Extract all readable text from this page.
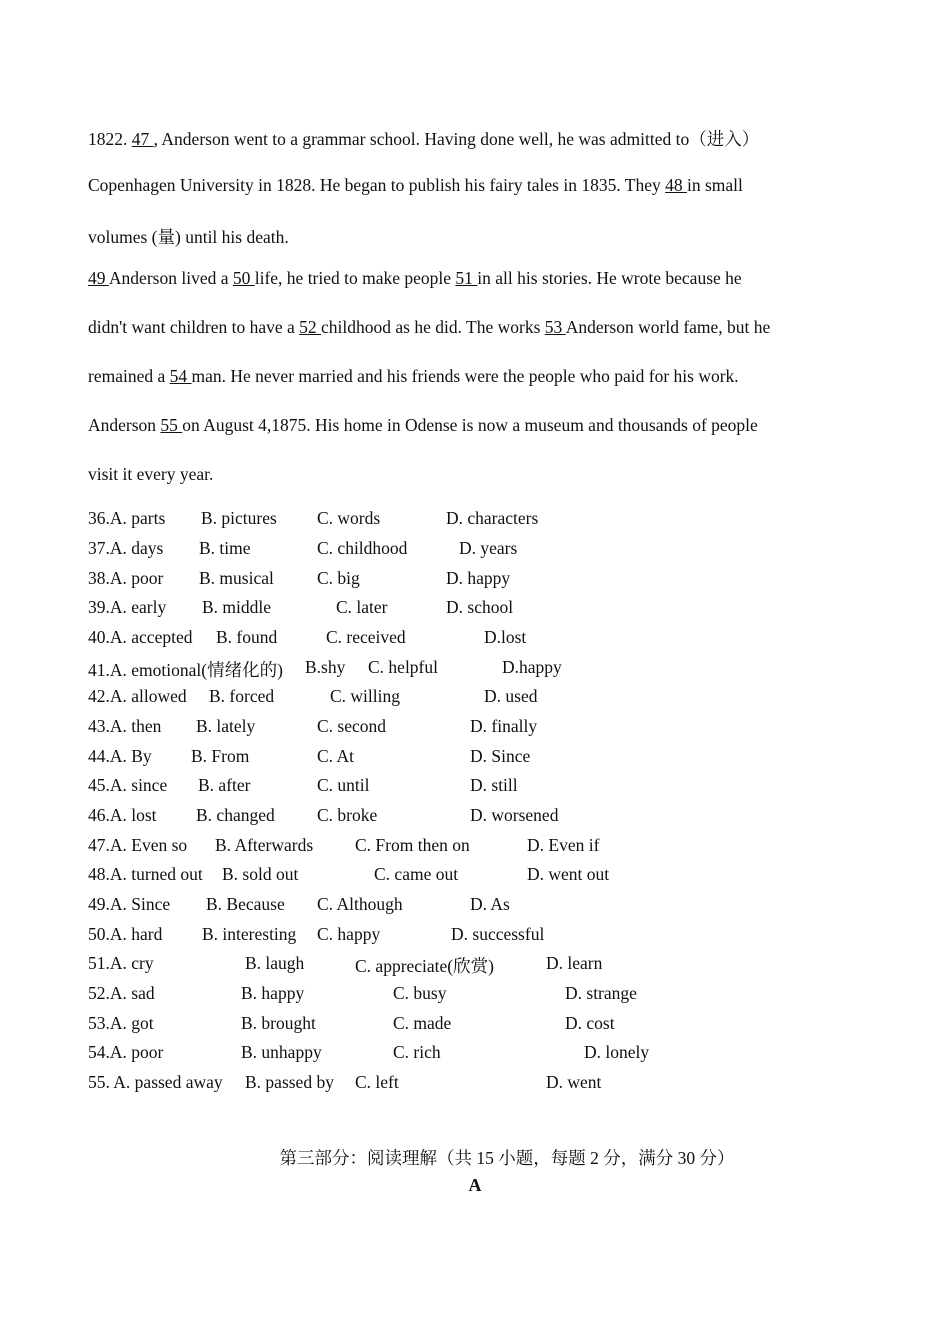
1822. 47 , Anderson went to a grammar school. Having done well, he was admitted to（进入）
Copenhagen University in 1828. He began to publish his fairy tales in 1835. They 48 in small
volumes (量) until his death.
49 Anderson lived a 50 life, he tried to make people 51 in all his stories. He wrote because he
didn't want children to have a 52 childhood as he did. The works 53 Anderson world fame, but he
remained a 54 man. He never married and his friends were the people who paid for his work.
Anderson 55 on August 4,1875. His home in Odense is now a museum and thousands of people
visit it every year.
36.A. parts B. pictures C. words	D. characters
37.A. days B. time	C. childhood	D. years
38.A. poor B. musical C. big	D. happy
39.A. early B. middle	C. later	D. school
40.A. accepted B. found	C. received	D.lost
41.A. emotional(情绪化的) B.shy C. helpful	D.happy
42.A. allowed B. forced	C. willing	D. used
43.A. then B. lately	C. second	D. finally
44.A. By B. From	C. At	D. Since
45.A. since B. after	C. until	D. still
46.A. lost B. changed C. broke	D. worsened
47.A. Even so B. Afterwards C. From then on	D. Even if
48.A. turned out B. sold out	C. came out	D. went out
49.A. Since B. Because C. Although	D. As
50.A. hard B. interesting C. happy	D. successful
51.A. cry	B. laugh	C. appreciate(欣赏)	D. learn
52.A. sad	B. happy	C. busy	D. strange
53.A. got	B. brought	C. made	D. cost
54.A. poor	B. unhappy	C. rich	D. lonely
55. A. passed away B. passed by C. left	D. went
第三部分：阅读理解（共 15 小题，每题 2 分，满分 30 分）
A
